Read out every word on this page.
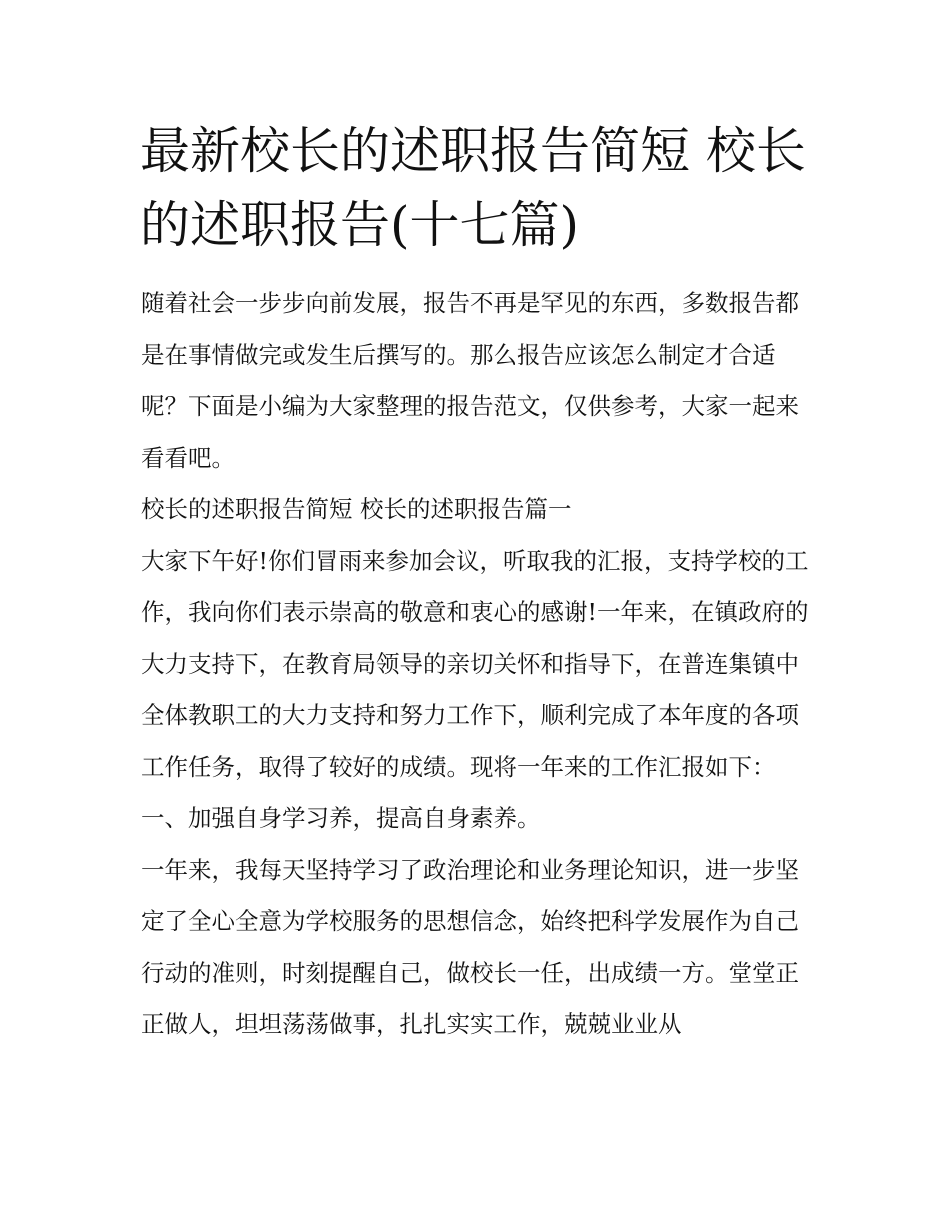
最新校长的述职报告简短 校长的述职报告(十七篇)

随着社会一步步向前发展，报告不再是罕见的东西，多数报告都是在事情做完或发生后撰写的。那么报告应该怎么制定才合适呢？下面是小编为大家整理的报告范文，仅供参考，大家一起来看看吧。

校长的述职报告简短 校长的述职报告篇一

大家下午好!你们冒雨来参加会议，听取我的汇报，支持学校的工作，我向你们表示崇高的敬意和衷心的感谢!一年来，在镇政府的大力支持下，在教育局领导的亲切关怀和指导下，在普连集镇中全体教职工的大力支持和努力工作下，顺利完成了本年度的各项工作任务，取得了较好的成绩。现将一年来的工作汇报如下：

一、加强自身学习养，提高自身素养。

一年来，我每天坚持学习了政治理论和业务理论知识，进一步坚定了全心全意为学校服务的思想信念，始终把科学发展作为自己行动的准则，时刻提醒自己，做校长一任，出成绩一方。堂堂正正做人，坦坦荡荡做事，扎扎实实工作，兢兢业业从
